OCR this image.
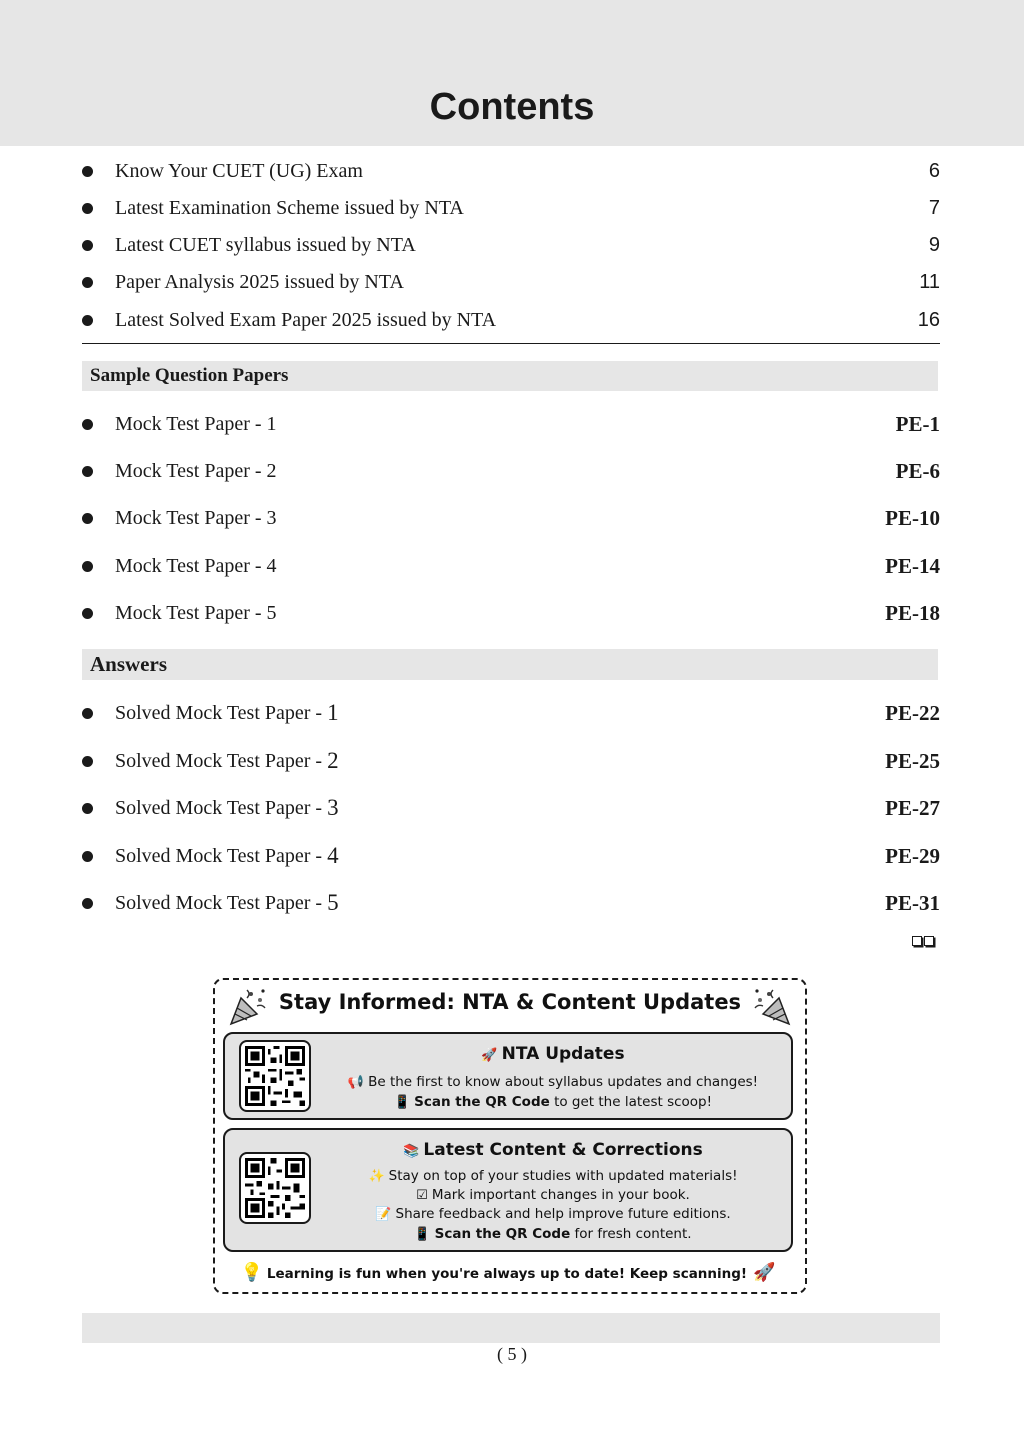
Contents
Know Your CUET (UG) Exam	6
Latest Examination Scheme issued by NTA	7
Latest CUET syllabus issued by NTA	9
Paper Analysis 2025 issued by NTA	11
Latest Solved Exam Paper 2025 issued by NTA	16
Sample Question Papers
Mock Test Paper - 1	PE-1
Mock Test Paper - 2	PE-6
Mock Test Paper - 3	PE-10
Mock Test Paper - 4	PE-14
Mock Test Paper - 5	PE-18
Answers
Solved Mock Test Paper - 1	PE-22
Solved Mock Test Paper - 2	PE-25
Solved Mock Test Paper - 3	PE-27
Solved Mock Test Paper - 4	PE-29
Solved Mock Test Paper - 5	PE-31
Stay Informed: NTA & Content Updates
🚀 NTA Updates
📢 Be the first to know about syllabus updates and changes!
📱 Scan the QR Code to get the latest scoop!
📚 Latest Content & Corrections
✨ Stay on top of your studies with updated materials!
☑ Mark important changes in your book.
📝 Share feedback and help improve future editions.
📱 Scan the QR Code for fresh content.
💡 Learning is fun when you're always up to date! Keep scanning! 🚀
( 5 )
